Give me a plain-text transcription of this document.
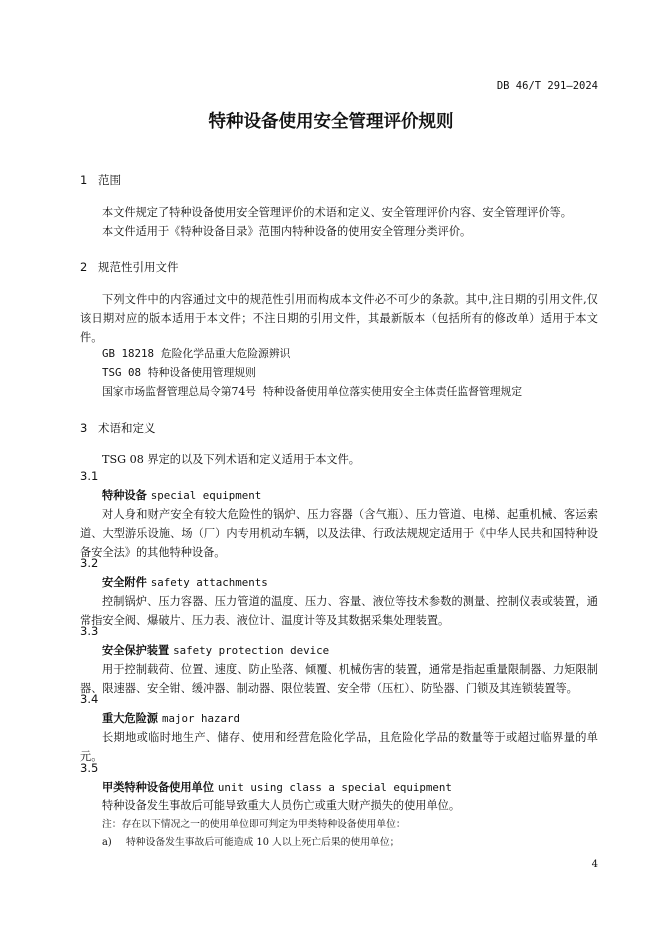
DB 46/T 291—2024
特种设备使用安全管理评价规则
1 范围
本文件规定了特种设备使用安全管理评价的术语和定义、安全管理评价内容、安全管理评价等。
本文件适用于《特种设备目录》范围内特种设备的使用安全管理分类评价。
2 规范性引用文件
下列文件中的内容通过文中的规范性引用而构成本文件必不可少的条款。其中,注日期的引用文件,仅该日期对应的版本适用于本文件；不注日期的引用文件，其最新版本（包括所有的修改单）适用于本文件。
GB 18218 危险化学品重大危险源辨识
TSG 08 特种设备使用管理规则
国家市场监督管理总局令第74号 特种设备使用单位落实使用安全主体责任监督管理规定
3 术语和定义
TSG 08 界定的以及下列术语和定义适用于本文件。
3.1
特种设备 special equipment
对人身和财产安全有较大危险性的锅炉、压力容器（含气瓶）、压力管道、电梯、起重机械、客运索道、大型游乐设施、场（厂）内专用机动车辆，以及法律、行政法规规定适用于《中华人民共和国特种设备安全法》的其他特种设备。
3.2
安全附件 safety attachments
控制锅炉、压力容器、压力管道的温度、压力、容量、液位等技术参数的测量、控制仪表或装置，通常指安全阀、爆破片、压力表、液位计、温度计等及其数据采集处理装置。
3.3
安全保护装置 safety protection device
用于控制载荷、位置、速度、防止坠落、倾覆、机械伤害的装置，通常是指起重量限制器、力矩限制器、限速器、安全钳、缓冲器、制动器、限位装置、安全带（压杠）、防坠器、门锁及其连锁装置等。
3.4
重大危险源 major hazard
长期地或临时地生产、储存、使用和经营危险化学品，且危险化学品的数量等于或超过临界量的单元。
3.5
甲类特种设备使用单位 unit using class a special equipment
特种设备发生事故后可能导致重大人员伤亡或重大财产损失的使用单位。
注：存在以下情况之一的使用单位即可判定为甲类特种设备使用单位：
a) 特种设备发生事故后可能造成 10 人以上死亡后果的使用单位；
4
